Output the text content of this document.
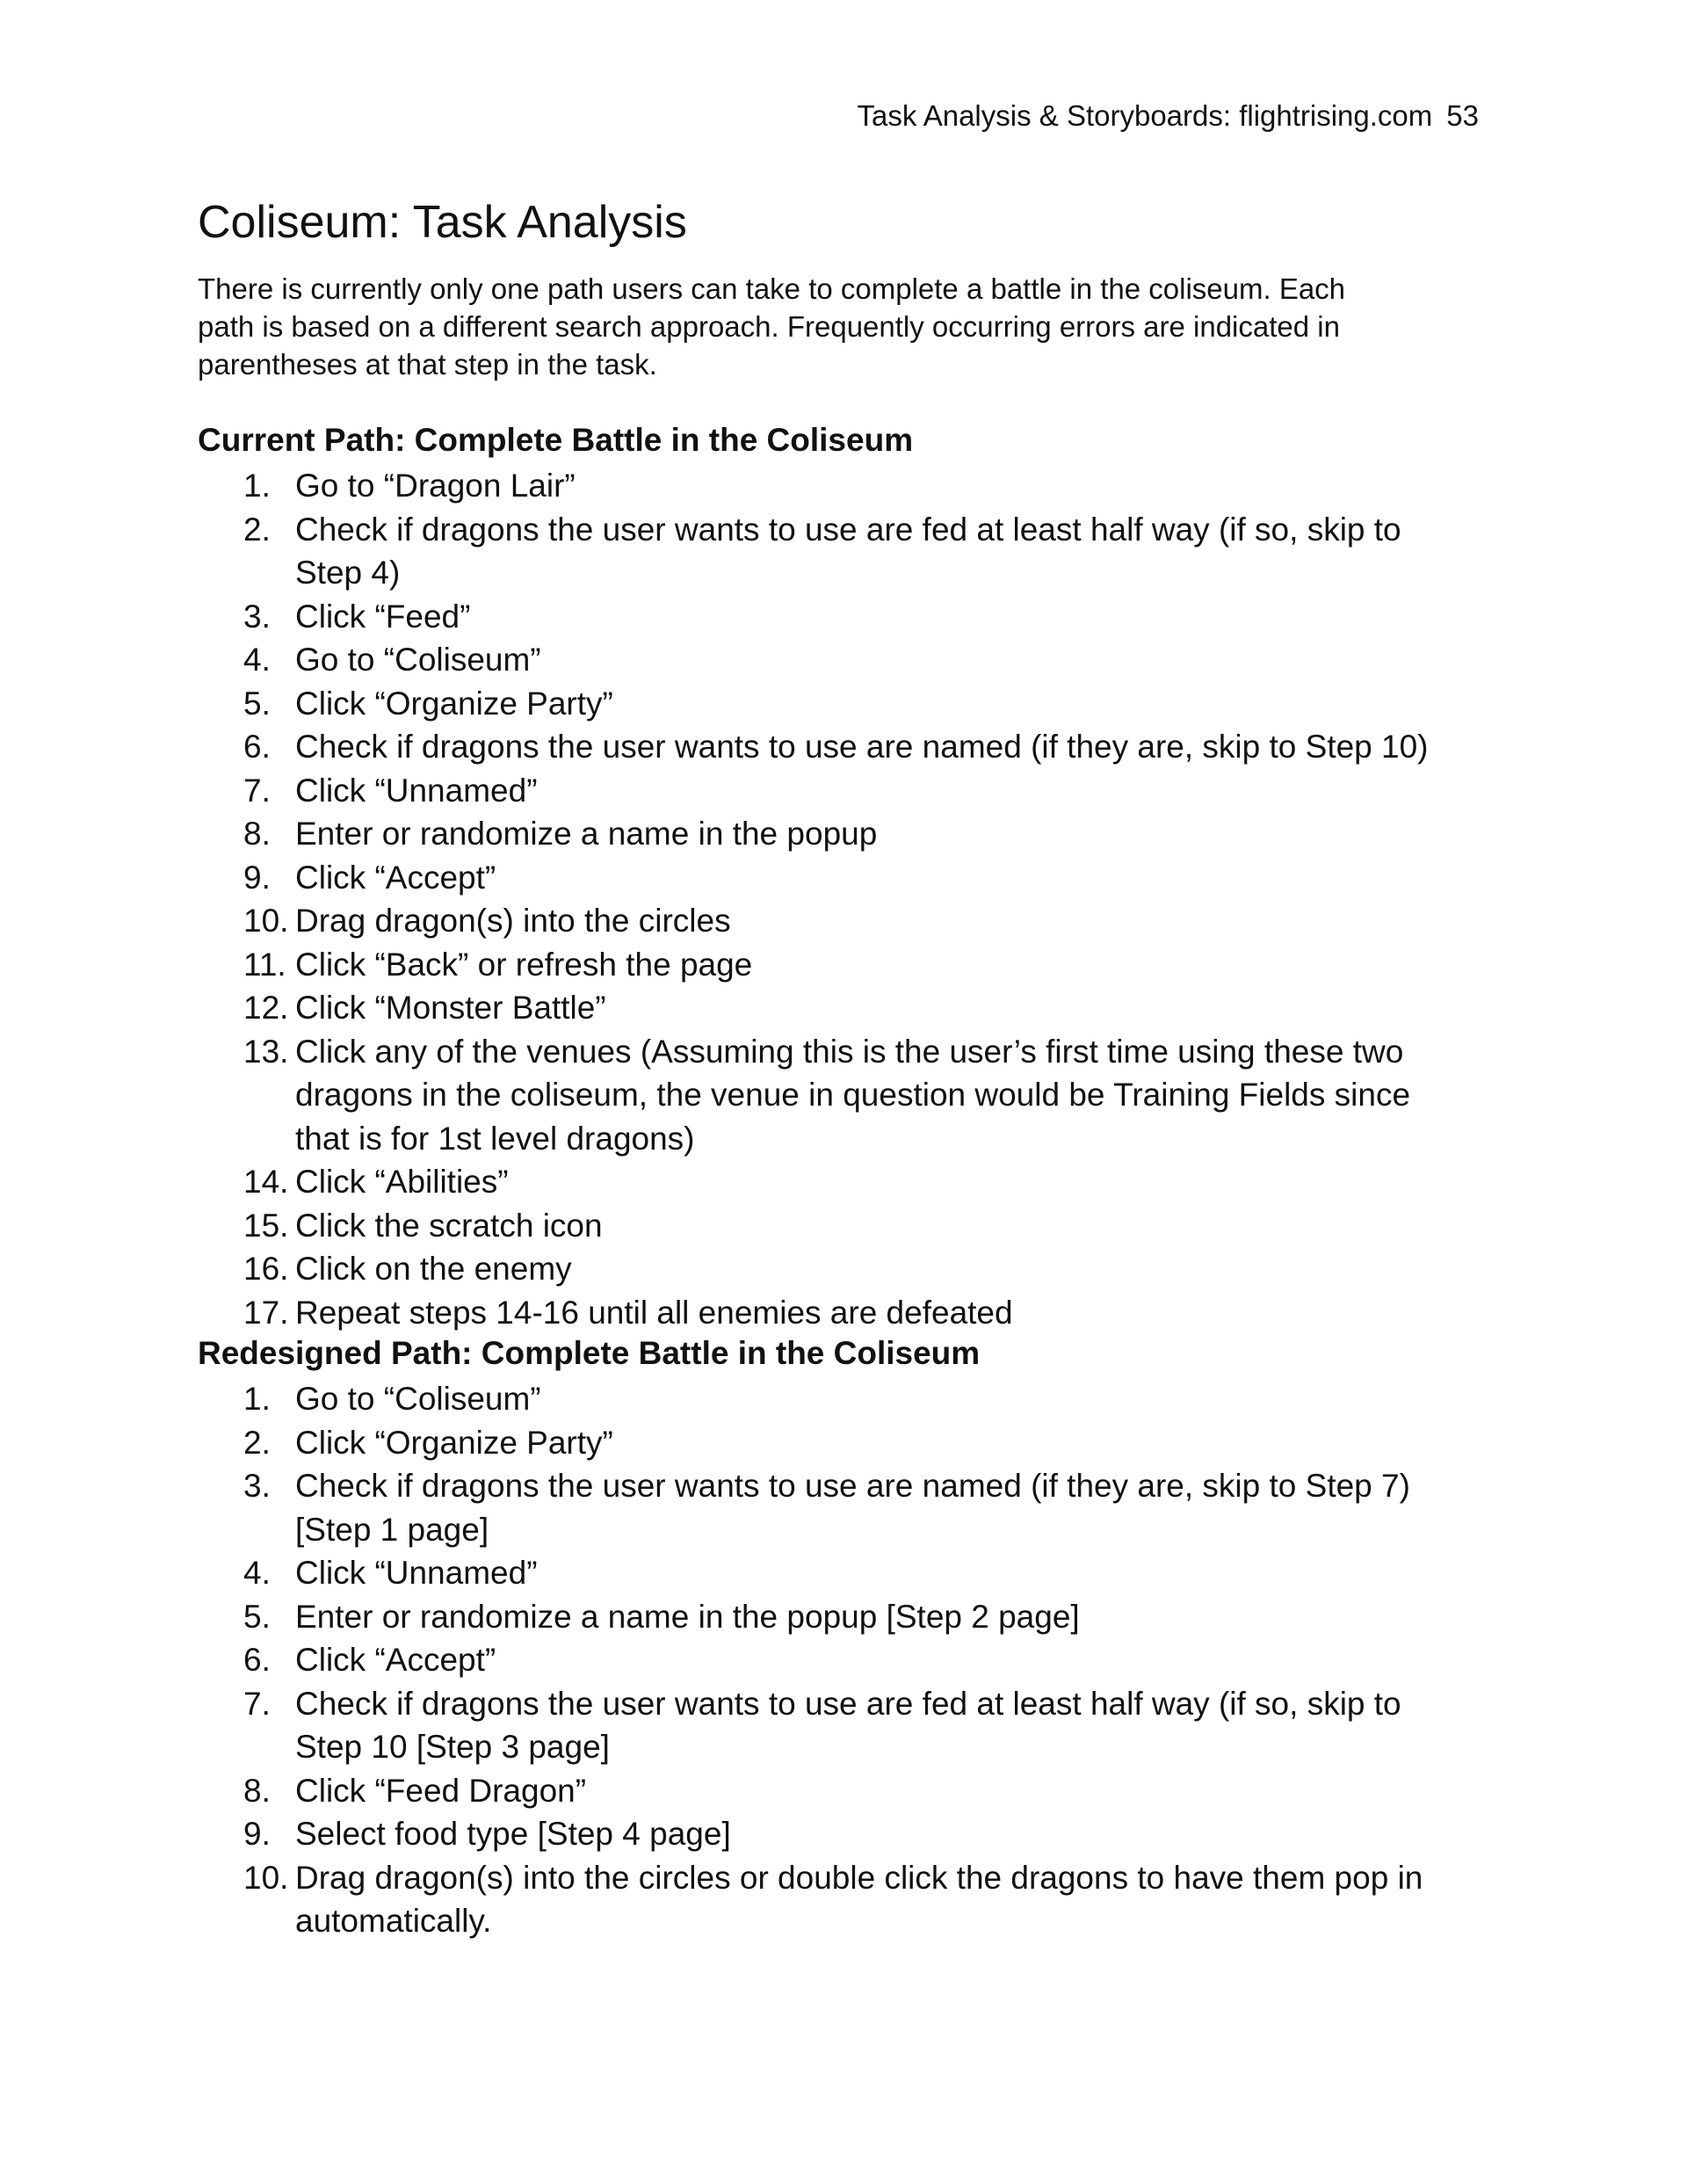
Task Analysis & Storyboards: flightrising.com 53
Coliseum: Task Analysis

There is currently only one path users can take to complete a battle in the coliseum. Each
path is based on a different search approach. Frequently occurring errors are indicated in
parentheses at that step in the task.

Current Path: Complete Battle in the Coliseum
1. Go to “Dragon Lair”
2. Check if dragons the user wants to use are fed at least half way (if so, skip to
Step 4)
3. Click “Feed”
4. Go to “Coliseum”
5. Click “Organize Party”
6. Check if dragons the user wants to use are named (if they are, skip to Step 10)
7. Click “Unnamed”
8. Enter or randomize a name in the popup
9. Click “Accept”
10. Drag dragon(s) into the circles
11. Click “Back” or refresh the page
12. Click “Monster Battle”
13. Click any of the venues (Assuming this is the user’s first time using these two
dragons in the coliseum, the venue in question would be Training Fields since
that is for 1st level dragons)
14. Click “Abilities”
15. Click the scratch icon
16. Click on the enemy
17. Repeat steps 14-16 until all enemies are defeated
Redesigned Path: Complete Battle in the Coliseum
1. Go to “Coliseum”
2. Click “Organize Party”
3. Check if dragons the user wants to use are named (if they are, skip to Step 7)
[Step 1 page]
4. Click “Unnamed”
5. Enter or randomize a name in the popup [Step 2 page]
6. Click “Accept”
7. Check if dragons the user wants to use are fed at least half way (if so, skip to
Step 10 [Step 3 page]
8. Click “Feed Dragon”
9. Select food type [Step 4 page]
10. Drag dragon(s) into the circles or double click the dragons to have them pop in
automatically.
